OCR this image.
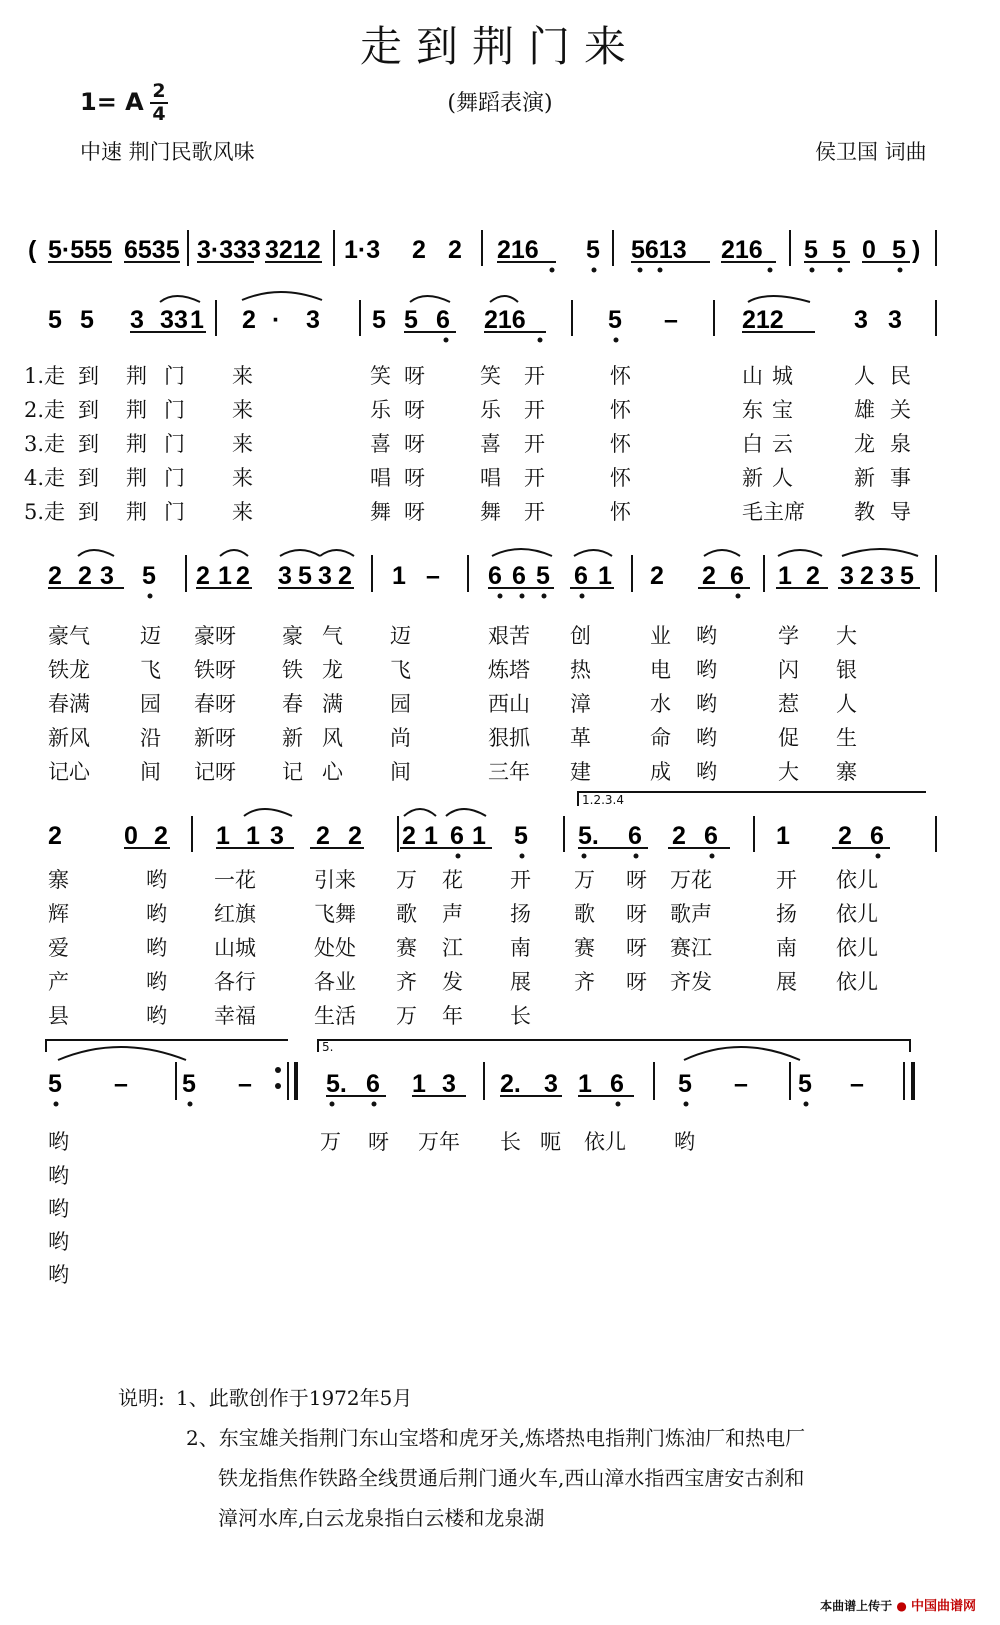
走到荆门来
(舞蹈表演)
1= A 2
4
中速 荆门民歌风味	侯卫国 词曲
( 5·555 6535 3·333 3212 1·3 2 2 216 5 5613 216 5 5 0 5 )
5 5 3 3 3 1 2 · 3 5 5 6 216	5 –	212	3 3
2 2 3 5 2 1 2 3 5 3 2 1 – 6 6 5 6 1 2 2 6 1 2 3 2 3 5
2 0 2 1 1 3 2 2 2 1 6 1 5 5. 6 2 6 1 2 6
5 – 5 –	5. 6 1 3 2. 3 1 6 5 – 5 –
1.2.3.4
5.
1.走 到 荆 门 来	笑 呀	笑 开	怀	山 城	人 民
2.走 到 荆 门 来	乐 呀	乐 开	怀	东 宝	雄 关
3.走 到 荆 门 来	喜 呀	喜 开	怀	白 云	龙 泉
4.走 到 荆 门 来	唱 呀	唱 开	怀	新 人	新 事
5.走 到 荆 门 来	舞 呀	舞 开	怀	毛主席 教 导
豪气 迈 豪呀 豪 气 迈	艰苦 创	业 哟	学 大
铁龙 飞 铁呀 铁 龙 飞	炼塔 热	电 哟	闪 银
春满 园 春呀 春 满 园	西山 漳	水 哟	惹 人
新风 沿 新呀 新 风 尚	狠抓 革	命 哟	促 生
记心 间 记呀 记 心 间	三年 建	成 哟	大 寨
寨	哟 一花	引来 万 花 开 万 呀 万花	开 依儿
辉	哟 红旗	飞舞 歌 声 扬 歌 呀 歌声	扬 依儿
爱	哟 山城	处处 赛 江 南 赛 呀 赛江	南 依儿
产	哟 各行	各业 齐 发 展 齐 呀 齐发	展 依儿
县	哟 幸福	生活 万 年 长
哟	万 呀 万年 长 呃 依儿 哟
哟
哟
哟
哟
说明: 1、此歌创作于1972年5月
2、东宝雄关指荆门东山宝塔和虎牙关,炼塔热电指荆门炼油厂和热电厂
铁龙指焦作铁路全线贯通后荆门通火车,西山漳水指西宝唐安古刹和
漳河水库,白云龙泉指白云楼和龙泉湖
本曲谱上传于 ● 中国曲谱网
